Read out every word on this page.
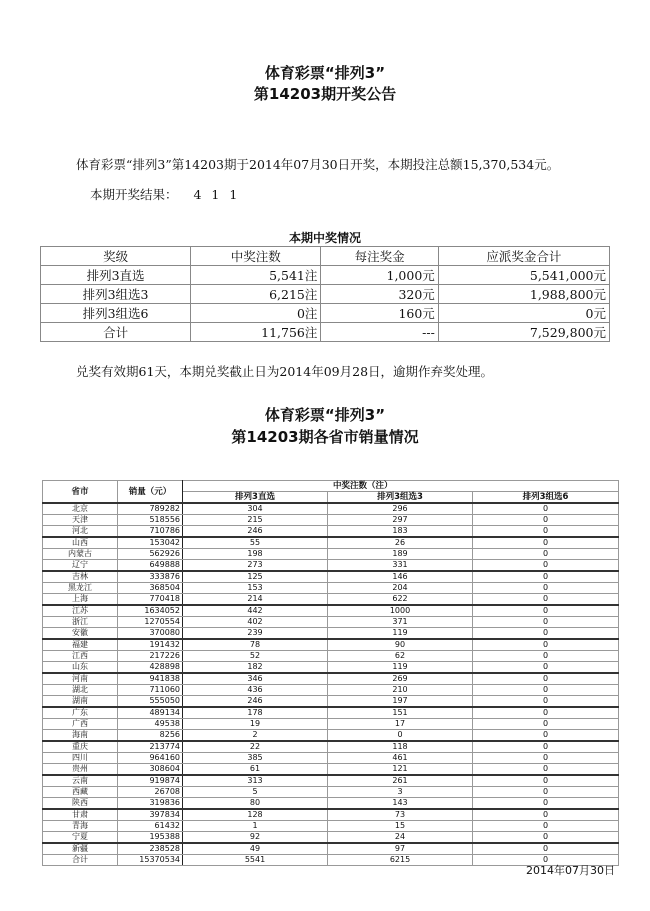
体育彩票“排列3”
第14203期开奖公告
体育彩票“排列3”第14203期于2014年07月30日开奖，本期投注总额15,370,534元。
本期开奖结果： 4 1 1
本期中奖情况
奖级	中奖注数	每注奖金	应派奖金合计
排列3直选	5,541注	1,000元	5,541,000元
排列3组选3	6,215注	320元	1,988,800元
排列3组选6	0注	160元	0元
合计	11,756注	---	7,529,800元
兑奖有效期61天，本期兑奖截止日为2014年09月28日，逾期作弃奖处理。
体育彩票“排列3”
第14203期各省市销量情况
省市	销量（元）	中奖注数（注）		
		排列3直选	排列3组选3	排列3组选6
北京	789282	304	296	0
天津	518556	215	297	0
河北	710786	246	183	0
山西	153042	55	26	0
内蒙古	562926	198	189	0
辽宁	649888	273	331	0
吉林	333876	125	146	0
黑龙江	368504	153	204	0
上海	770418	214	622	0
江苏	1634052	442	1000	0
浙江	1270554	402	371	0
安徽	370080	239	119	0
福建	191432	78	90	0
江西	217226	52	62	0
山东	428898	182	119	0
河南	941838	346	269	0
湖北	711060	436	210	0
湖南	555050	246	197	0
广东	489134	178	151	0
广西	49538	19	17	0
海南	8256	2	0	0
重庆	213774	22	118	0
四川	964160	385	461	0
贵州	308604	61	121	0
云南	919874	313	261	0
西藏	26708	5	3	0
陕西	319836	80	143	0
甘肃	397834	128	73	0
青海	61432	1	15	0
宁夏	195388	92	24	0
新疆	238528	49	97	0
合计	15370534	5541	6215	0
2014年07月30日
